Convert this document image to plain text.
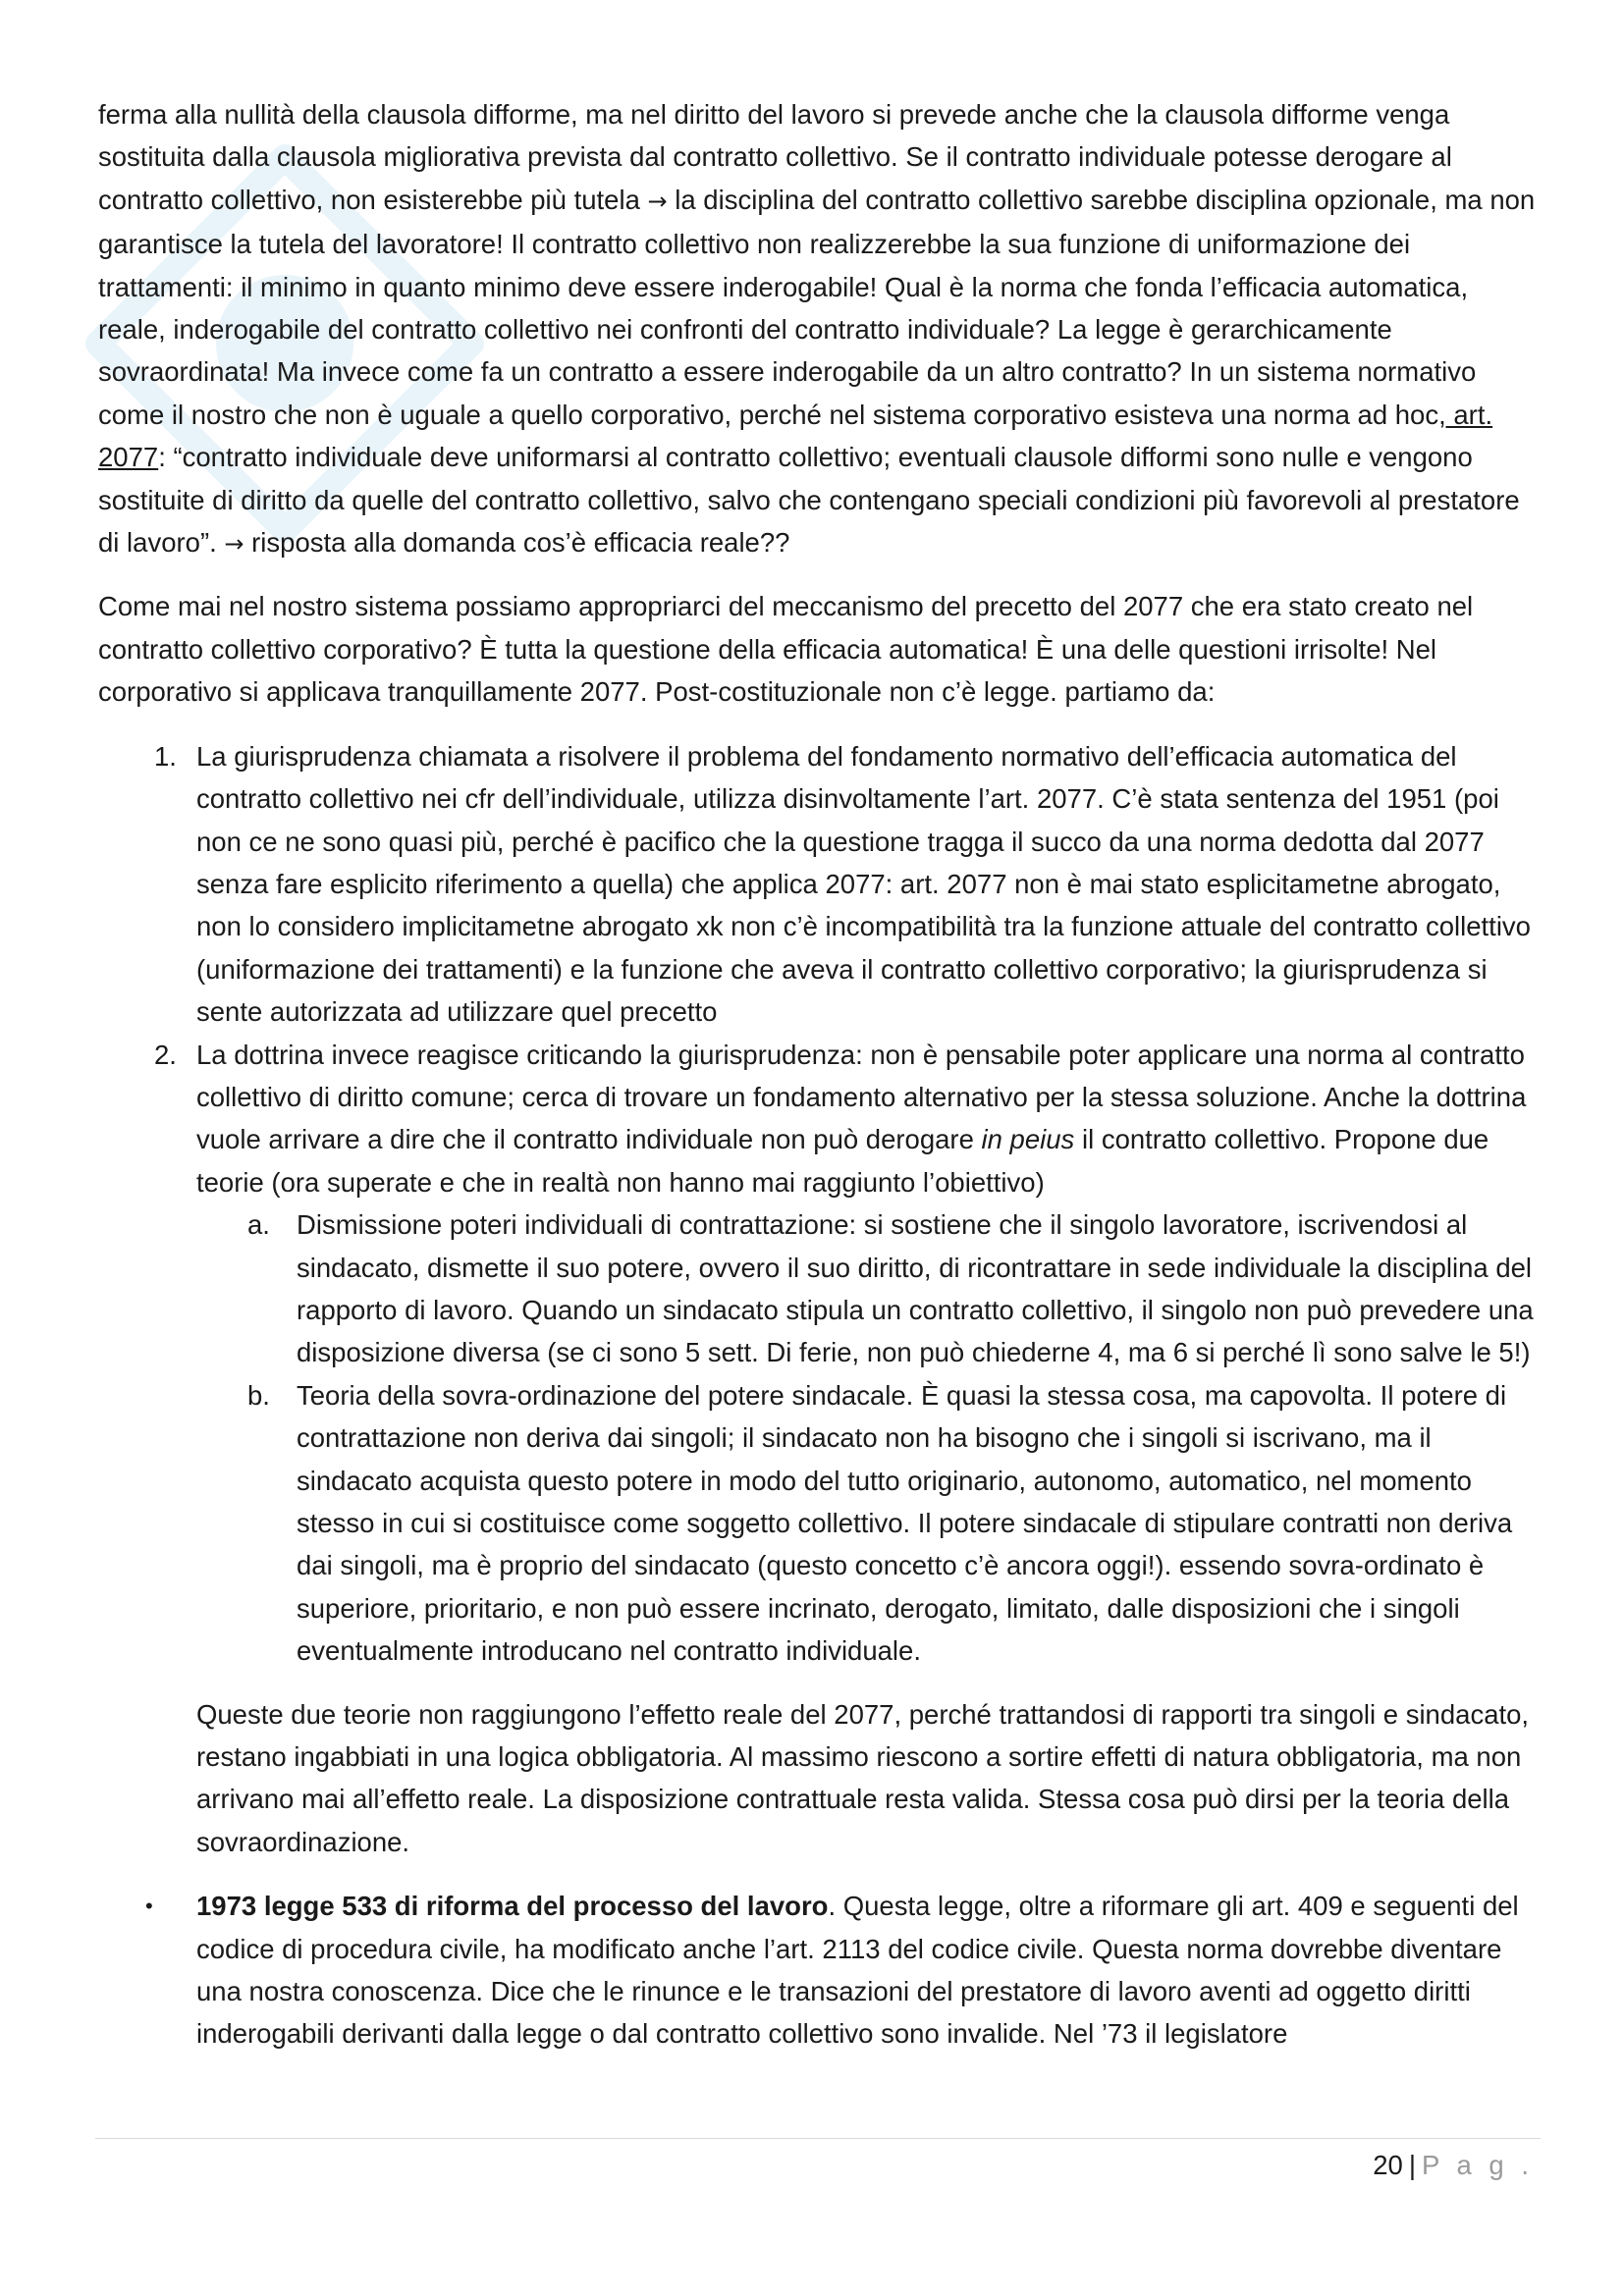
ferma alla nullità della clausola difforme, ma nel diritto del lavoro si prevede anche che la clausola difforme venga sostituita dalla clausola migliorativa prevista dal contratto collettivo. Se il contratto individuale potesse derogare al contratto collettivo, non esisterebbe più tutela → la disciplina del contratto collettivo sarebbe disciplina opzionale, ma non garantisce la tutela del lavoratore! Il contratto collettivo non realizzerebbe la sua funzione di uniformazione dei trattamenti: il minimo in quanto minimo deve essere inderogabile! Qual è la norma che fonda l’efficacia automatica, reale, inderogabile del contratto collettivo nei confronti del contratto individuale? La legge è gerarchicamente sovraordinata! Ma invece come fa un contratto a essere inderogabile da un altro contratto? In un sistema normativo come il nostro che non è uguale a quello corporativo, perché nel sistema corporativo esisteva una norma ad hoc, art. 2077: “contratto individuale deve uniformarsi al contratto collettivo; eventuali clausole difformi sono nulle e vengono sostituite di diritto da quelle del contratto collettivo, salvo che contengano speciali condizioni più favorevoli al prestatore di lavoro”. → risposta alla domanda cos’è efficacia reale??

Come mai nel nostro sistema possiamo appropriarci del meccanismo del precetto del 2077 che era stato creato nel contratto collettivo corporativo? È tutta la questione della efficacia automatica! È una delle questioni irrisolte! Nel corporativo si applicava tranquillamente 2077. Post-costituzionale non c’è legge. partiamo da:

1. La giurisprudenza chiamata a risolvere il problema del fondamento normativo dell’efficacia automatica del contratto collettivo nei cfr dell’individuale, utilizza disinvoltamente l’art. 2077. C’è stata sentenza del 1951 (poi non ce ne sono quasi più, perché è pacifico che la questione tragga il succo da una norma dedotta dal 2077 senza fare esplicito riferimento a quella) che applica 2077: art. 2077 non è mai stato esplicitametne abrogato, non lo considero implicitametne abrogato xk non c’è incompatibilità tra la funzione attuale del contratto collettivo (uniformazione dei trattamenti) e la funzione che aveva il contratto collettivo corporativo; la giurisprudenza si sente autorizzata ad utilizzare quel precetto
2. La dottrina invece reagisce criticando la giurisprudenza: non è pensabile poter applicare una norma al contratto collettivo di diritto comune; cerca di trovare un fondamento alternativo per la stessa soluzione. Anche la dottrina vuole arrivare a dire che il contratto individuale non può derogare in peius il contratto collettivo. Propone due teorie (ora superate e che in realtà non hanno mai raggiunto l’obiettivo)
a. Dismissione poteri individuali di contrattazione: si sostiene che il singolo lavoratore, iscrivendosi al sindacato, dismette il suo potere, ovvero il suo diritto, di ricontrattare in sede individuale la disciplina del rapporto di lavoro. Quando un sindacato stipula un contratto collettivo, il singolo non può prevedere una disposizione diversa (se ci sono 5 sett. Di ferie, non può chiederne 4, ma 6 si perché lì sono salve le 5!)
b. Teoria della sovra-ordinazione del potere sindacale. È quasi la stessa cosa, ma capovolta. Il potere di contrattazione non deriva dai singoli; il sindacato non ha bisogno che i singoli si iscrivano, ma il sindacato acquista questo potere in modo del tutto originario, autonomo, automatico, nel momento stesso in cui si costituisce come soggetto collettivo. Il potere sindacale di stipulare contratti non deriva dai singoli, ma è proprio del sindacato (questo concetto c’è ancora oggi!). essendo sovra-ordinato è superiore, prioritario, e non può essere incrinato, derogato, limitato, dalle disposizioni che i singoli eventualmente introducano nel contratto individuale.

Queste due teorie non raggiungono l’effetto reale del 2077, perché trattandosi di rapporti tra singoli e sindacato, restano ingabbiati in una logica obbligatoria. Al massimo riescono a sortire effetti di natura obbligatoria, ma non arrivano mai all’effetto reale. La disposizione contrattuale resta valida. Stessa cosa può dirsi per la teoria della sovraordinazione.

• 1973 legge 533 di riforma del processo del lavoro. Questa legge, oltre a riformare gli art. 409 e seguenti del codice di procedura civile, ha modificato anche l’art. 2113 del codice civile. Questa norma dovrebbe diventare una nostra conoscenza. Dice che le rinunce e le transazioni del prestatore di lavoro aventi ad oggetto diritti inderogabili derivanti dalla legge o dal contratto collettivo sono invalide. Nel ’73 il legislatore
20 | P a g .
